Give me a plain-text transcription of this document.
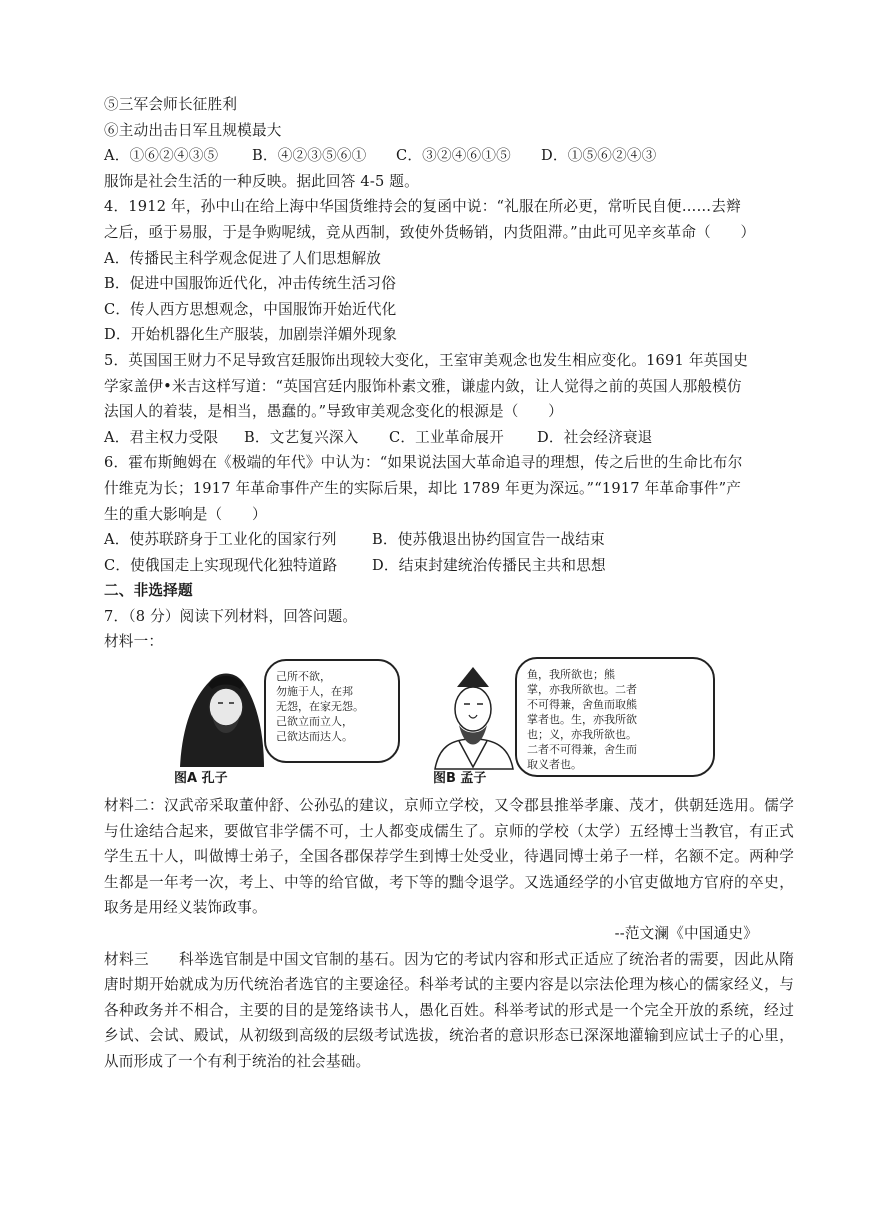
⑤三军会师长征胜利
⑥主动出击日军且规模最大
A．①⑥②④③⑤	B．④②③⑤⑥①	C．③②④⑥①⑤	D．①⑤⑥②④③
服饰是社会生活的一种反映。据此回答 4-5 题。
4．1912 年，孙中山在给上海中华国货维持会的复函中说：“礼服在所必更，常听民自便……去辫
之后，亟于易服，于是争购呢绒，竞从西制，致使外货畅销，内货阻滞。”由此可见辛亥革命（　　）
A．传播民主科学观念促进了人们思想解放
B．促进中国服饰近代化，冲击传统生活习俗
C．传人西方思想观念，中国服饰开始近代化
D．开始机器化生产服装，加剧崇洋媚外现象
5．英国国王财力不足导致宫廷服饰出现较大变化，王室审美观念也发生相应变化。1691 年英国史
学家盖伊•米吉这样写道：“英国宫廷内服饰朴素文雅，谦虚内敛，让人觉得之前的英国人那般模仿
法国人的着装，是相当，愚蠢的。”导致审美观念变化的根源是（　　）
A．君主权力受限	B．文艺复兴深入	C．工业革命展开	D．社会经济衰退
6．霍布斯鲍姆在《极端的年代》中认为：“如果说法国大革命追寻的理想，传之后世的生命比布尔
什维克为长；1917 年革命事件产生的实际后果，却比 1789 年更为深远。”“1917 年革命事件”产
生的重大影响是（　　）
A．使苏联跻身于工业化的国家行列	B．使苏俄退出协约国宣告一战结束
C．使俄国走上实现现代化独特道路	D．结束封建统治传播民主共和思想
二、非选择题
7．（8 分）阅读下列材料，回答问题。
材料一：
己所不欲，
勿施于人，在邦
无怨，在家无怨。
己欲立而立人，
己欲达而达人。
图A 孔子
鱼，我所欲也；熊
掌，亦我所欲也。二者
不可得兼，舍鱼而取熊
掌者也。生，亦我所欲
也；义，亦我所欲也。
二者不可得兼，舍生而
取义者也。
图B 孟子
材料二：汉武帝采取董仲舒、公孙弘的建议，京师立学校，又令郡县推举孝廉、茂才，供朝廷选用。儒学与仕途结合起来，要做官非学儒不可，士人都变成儒生了。京师的学校（太学）五经博士当教官，有正式学生五十人，叫做博士弟子，全国各郡保荐学生到博士处受业，待遇同博士弟子一样，名额不定。两种学生都是一年考一次，考上、中等的给官做，考下等的黜令退学。又选通经学的小官吏做地方官府的卒史，取务是用经义装饰政事。
--范文澜《中国通史》
材料三　　科举选官制是中国文官制的基石。因为它的考试内容和形式正适应了统治者的需要，因此从隋唐时期开始就成为历代统治者选官的主要途径。科举考试的主要内容是以宗法伦理为核心的儒家经义，与各种政务并不相合，主要的目的是笼络读书人，愚化百姓。科举考试的形式是一个完全开放的系统，经过乡试、会试、殿试，从初级到高级的层级考试选拔，统治者的意识形态已深深地灌输到应试士子的心里，从而形成了一个有利于统治的社会基础。
